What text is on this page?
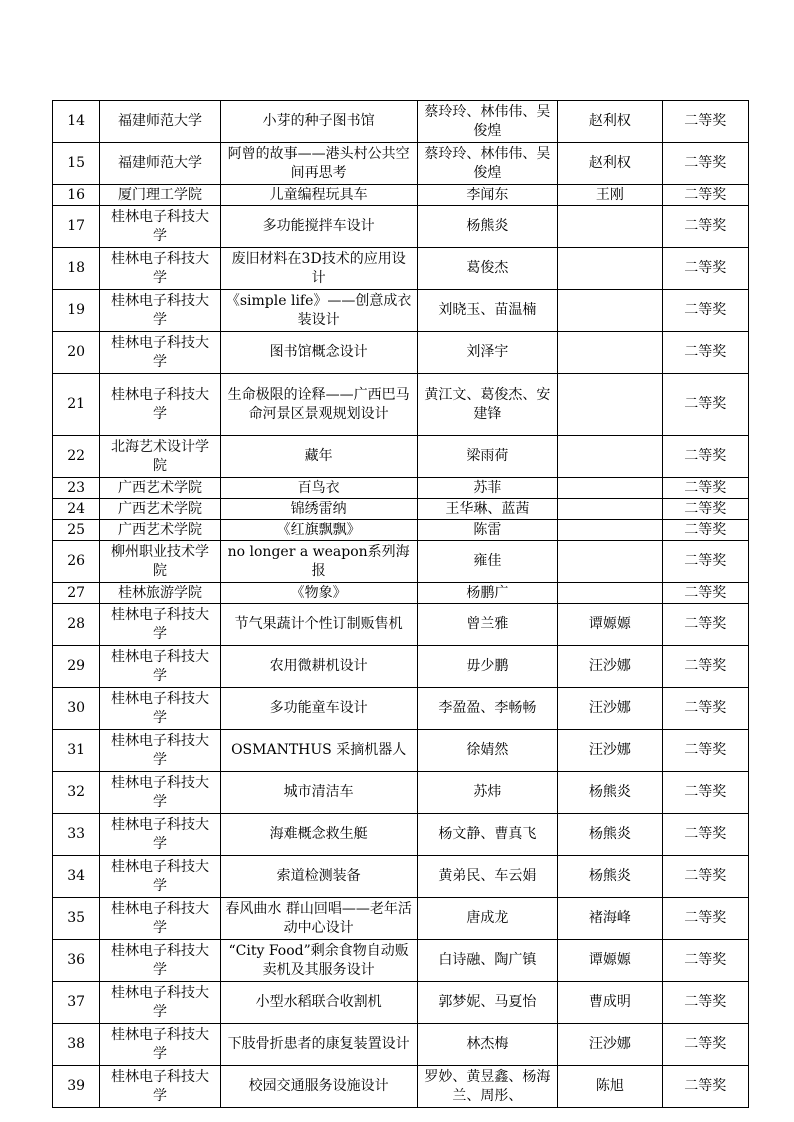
14	福建师范大学	小芽的种子图书馆	蔡玲玲、林伟伟、吴俊煌	赵利权	二等奖
15	福建师范大学	阿曾的故事——港头村公共空间再思考	蔡玲玲、林伟伟、吴俊煌	赵利权	二等奖
16	厦门理工学院	儿童编程玩具车	李闻东	王刚	二等奖
17	桂林电子科技大学	多功能搅拌车设计	杨熊炎		二等奖
18	桂林电子科技大学	废旧材料在3D技术的应用设计	葛俊杰		二等奖
19	桂林电子科技大学	《simple life》——创意成衣装设计	刘晓玉、苗温楠		二等奖
20	桂林电子科技大学	图书馆概念设计	刘泽宇		二等奖
21	桂林电子科技大学	生命极限的诠释——广西巴马命河景区景观规划设计	黄江文、葛俊杰、安建锋		二等奖
22	北海艺术设计学院	藏年	梁雨荷		二等奖
23	广西艺术学院	百鸟衣	苏菲		二等奖
24	广西艺术学院	锦绣雷纳	王华琳、蓝茜		二等奖
25	广西艺术学院	《红旗飘飘》	陈雷		二等奖
26	柳州职业技术学院	no longer a weapon系列海报	雍佳		二等奖
27	桂林旅游学院	《物象》	杨鹏广		二等奖
28	桂林电子科技大学	节气果蔬计个性订制贩售机	曾兰雅	谭嫄嫄	二等奖
29	桂林电子科技大学	农用微耕机设计	毋少鹏	汪沙娜	二等奖
30	桂林电子科技大学	多功能童车设计	李盈盈、李畅畅	汪沙娜	二等奖
31	桂林电子科技大学	OSMANTHUS 采摘机器人	徐婧然	汪沙娜	二等奖
32	桂林电子科技大学	城市清洁车	苏炜	杨熊炎	二等奖
33	桂林电子科技大学	海难概念救生艇	杨文静、曹真飞	杨熊炎	二等奖
34	桂林电子科技大学	索道检测装备	黄弟民、车云娟	杨熊炎	二等奖
35	桂林电子科技大学	春风曲水 群山回唱——老年活动中心设计	唐成龙	褚海峰	二等奖
36	桂林电子科技大学	“City Food”剩余食物自动贩卖机及其服务设计	白诗融、陶广镇	谭嫄嫄	二等奖
37	桂林电子科技大学	小型水稻联合收割机	郭梦妮、马夏怡	曹成明	二等奖
38	桂林电子科技大学	下肢骨折患者的康复装置设计	林杰梅	汪沙娜	二等奖
39	桂林电子科技大学	校园交通服务设施设计	罗妙、黄昱鑫、杨海兰、周彤、	陈旭	二等奖
